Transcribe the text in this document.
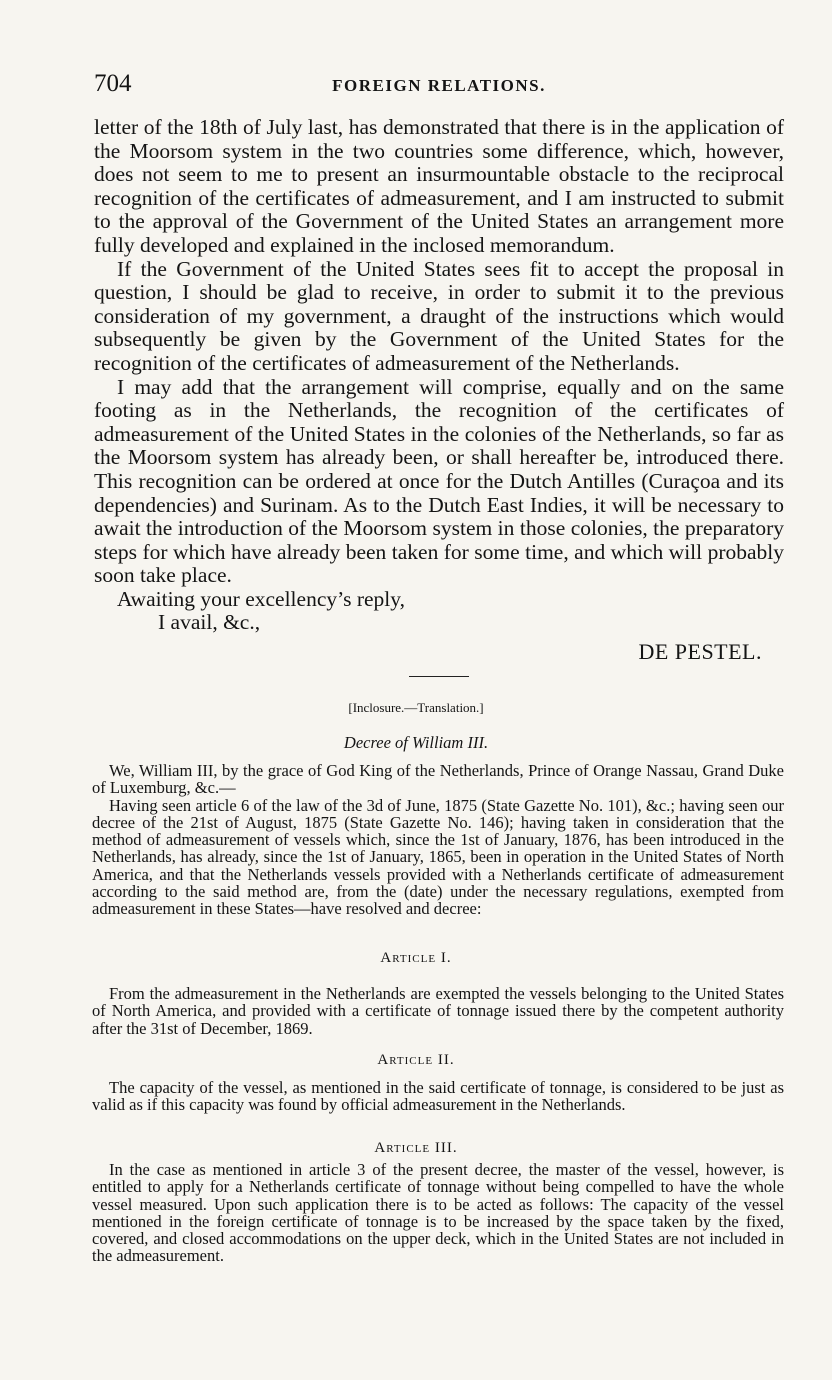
704	FOREIGN RELATIONS.

letter of the 18th of July last, has demonstrated that there is in the application of the Moorsom system in the two countries some difference, which, however, does not seem to me to present an insurmountable obstacle to the reciprocal recognition of the certificates of admeasurement, and I am instructed to submit to the approval of the Government of the United States an arrangement more fully developed and explained in the inclosed memorandum.

If the Government of the United States sees fit to accept the proposal in question, I should be glad to receive, in order to submit it to the previous consideration of my government, a draught of the instructions which would subsequently be given by the Government of the United States for the recognition of the certificates of admeasurement of the Netherlands.

I may add that the arrangement will comprise, equally and on the same footing as in the Netherlands, the recognition of the certificates of admeasurement of the United States in the colonies of the Netherlands, so far as the Moorsom system has already been, or shall hereafter be, introduced there. This recognition can be ordered at once for the Dutch Antilles (Curaçoa and its dependencies) and Surinam. As to the Dutch East Indies, it will be necessary to await the introduction of the Moorsom system in those colonies, the preparatory steps for which have already been taken for some time, and which will probably soon take place.

Awaiting your excellency’s reply,

I avail, &c.,

DE PESTEL.
[Inclosure.—Translation.]
Decree of William III.

We, William III, by the grace of God King of the Netherlands, Prince of Orange Nassau, Grand Duke of Luxemburg, &c.—

Having seen article 6 of the law of the 3d of June, 1875 (State Gazette No. 101), &c.; having seen our decree of the 21st of August, 1875 (State Gazette No. 146); having taken in consideration that the method of admeasurement of vessels which, since the 1st of January, 1876, has been introduced in the Netherlands, has already, since the 1st of January, 1865, been in operation in the United States of North America, and that the Netherlands vessels provided with a Netherlands certificate of admeasurement according to the said method are, from the (date) under the necessary regulations, exempted from admeasurement in these States—have resolved and decree:

Article I.

From the admeasurement in the Netherlands are exempted the vessels belonging to the United States of North America, and provided with a certificate of tonnage issued there by the competent authority after the 31st of December, 1869.

Article II.

The capacity of the vessel, as mentioned in the said certificate of tonnage, is considered to be just as valid as if this capacity was found by official admeasurement in the Netherlands.

Article III.

In the case as mentioned in article 3 of the present decree, the master of the vessel, however, is entitled to apply for a Netherlands certificate of tonnage without being compelled to have the whole vessel measured. Upon such application there is to be acted as follows: The capacity of the vessel mentioned in the foreign certificate of tonnage is to be increased by the space taken by the fixed, covered, and closed accommodations on the upper deck, which in the United States are not included in the admeasurement.
